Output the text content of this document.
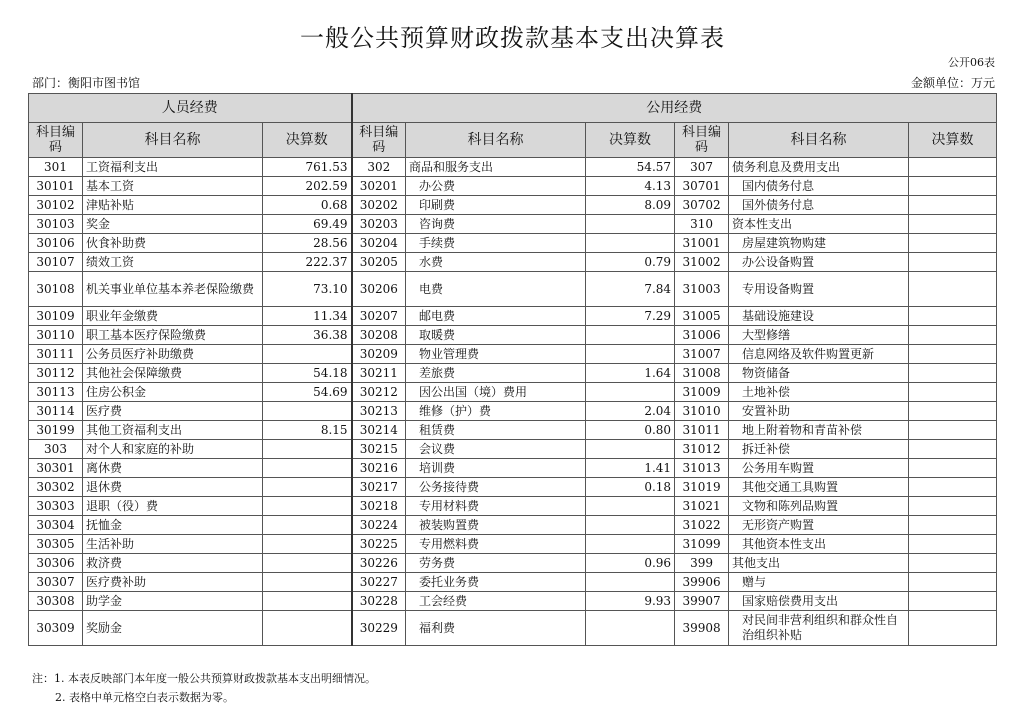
一般公共预算财政拨款基本支出决算表
公开06表
部门：衡阳市图书馆	金额单位：万元
人员经费			公用经费					
科目编码	科目名称	决算数	科目编码	科目名称	决算数	科目编码	科目名称	决算数
301	工资福利支出	761.53	302	商品和服务支出	54.57	307	债务利息及费用支出	
30101	基本工资	202.59	30201	办公费	4.13	30701	国内债务付息	
30102	津贴补贴	0.68	30202	印刷费	8.09	30702	国外债务付息	
30103	奖金	69.49	30203	咨询费		310	资本性支出	
30106	伙食补助费	28.56	30204	手续费		31001	房屋建筑物购建	
30107	绩效工资	222.37	30205	水费	0.79	31002	办公设备购置	
30108	机关事业单位基本养老保险缴费	73.10	30206	电费	7.84	31003	专用设备购置	
30109	职业年金缴费	11.34	30207	邮电费	7.29	31005	基础设施建设	
30110	职工基本医疗保险缴费	36.38	30208	取暖费		31006	大型修缮	
30111	公务员医疗补助缴费		30209	物业管理费		31007	信息网络及软件购置更新	
30112	其他社会保障缴费	54.18	30211	差旅费	1.64	31008	物资储备	
30113	住房公积金	54.69	30212	因公出国（境）费用		31009	土地补偿	
30114	医疗费		30213	维修（护）费	2.04	31010	安置补助	
30199	其他工资福利支出	8.15	30214	租赁费	0.80	31011	地上附着物和青苗补偿	
303	对个人和家庭的补助		30215	会议费		31012	拆迁补偿	
30301	离休费		30216	培训费	1.41	31013	公务用车购置	
30302	退休费		30217	公务接待费	0.18	31019	其他交通工具购置	
30303	退职（役）费		30218	专用材料费		31021	文物和陈列品购置	
30304	抚恤金		30224	被装购置费		31022	无形资产购置	
30305	生活补助		30225	专用燃料费		31099	其他资本性支出	
30306	救济费		30226	劳务费	0.96	399	其他支出	
30307	医疗费补助		30227	委托业务费		39906	赠与	
30308	助学金		30228	工会经费	9.93	39907	国家赔偿费用支出	
30309	奖励金		30229	福利费		39908	对民间非营利组织和群众性自治组织补贴	
注：1. 本表反映部门本年度一般公共预算财政拨款基本支出明细情况。
2. 表格中单元格空白表示数据为零。
